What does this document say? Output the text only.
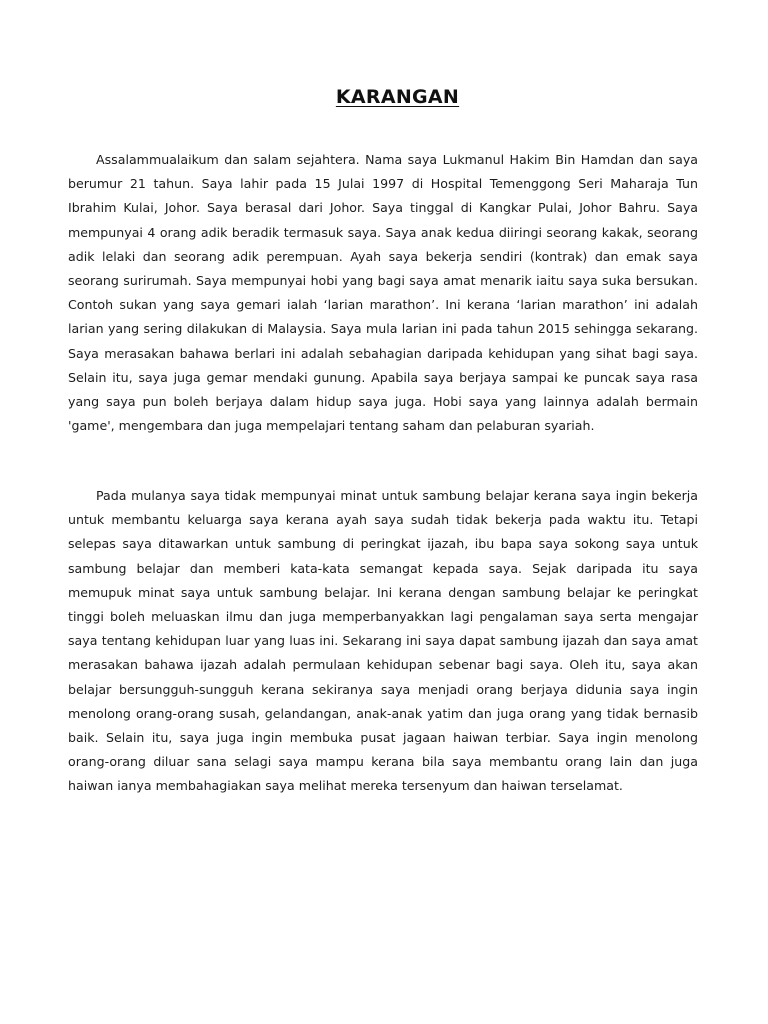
KARANGAN

Assalammualaikum dan salam sejahtera. Nama saya Lukmanul Hakim Bin Hamdan dan saya berumur 21 tahun. Saya lahir pada 15 Julai 1997 di Hospital Temenggong Seri Maharaja Tun Ibrahim Kulai, Johor. Saya berasal dari Johor. Saya tinggal di Kangkar Pulai, Johor Bahru. Saya mempunyai 4 orang adik beradik termasuk saya. Saya anak kedua diiringi seorang kakak, seorang adik lelaki dan seorang adik perempuan. Ayah saya bekerja sendiri (kontrak) dan emak saya seorang surirumah. Saya mempunyai hobi yang bagi saya amat menarik iaitu saya suka bersukan. Contoh sukan yang saya gemari ialah ‘larian marathon’. Ini kerana ‘larian marathon’ ini adalah larian yang sering dilakukan di Malaysia. Saya mula larian ini pada tahun 2015 sehingga sekarang. Saya merasakan bahawa berlari ini adalah sebahagian daripada kehidupan yang sihat bagi saya. Selain itu, saya juga gemar mendaki gunung. Apabila saya berjaya sampai ke puncak saya rasa yang saya pun boleh berjaya dalam hidup saya juga. Hobi saya yang lainnya adalah bermain 'game', mengembara dan juga mempelajari tentang saham dan pelaburan syariah.

Pada mulanya saya tidak mempunyai minat untuk sambung belajar kerana saya ingin bekerja untuk membantu keluarga saya kerana ayah saya sudah tidak bekerja pada waktu itu. Tetapi selepas saya ditawarkan untuk sambung di peringkat ijazah, ibu bapa saya sokong saya untuk sambung belajar dan memberi kata-kata semangat kepada saya. Sejak daripada itu saya memupuk minat saya untuk sambung belajar. Ini kerana dengan sambung belajar ke peringkat tinggi boleh meluaskan ilmu dan juga memperbanyakkan lagi pengalaman saya serta mengajar saya tentang kehidupan luar yang luas ini. Sekarang ini saya dapat sambung ijazah dan saya amat merasakan bahawa ijazah adalah permulaan kehidupan sebenar bagi saya. Oleh itu, saya akan belajar bersungguh-sungguh kerana sekiranya saya menjadi orang berjaya didunia saya ingin menolong orang-orang susah, gelandangan, anak-anak yatim dan juga orang yang tidak bernasib baik. Selain itu, saya juga ingin membuka pusat jagaan haiwan terbiar. Saya ingin menolong orang-orang diluar sana selagi saya mampu kerana bila saya membantu orang lain dan juga haiwan ianya membahagiakan saya melihat mereka tersenyum dan haiwan terselamat.
